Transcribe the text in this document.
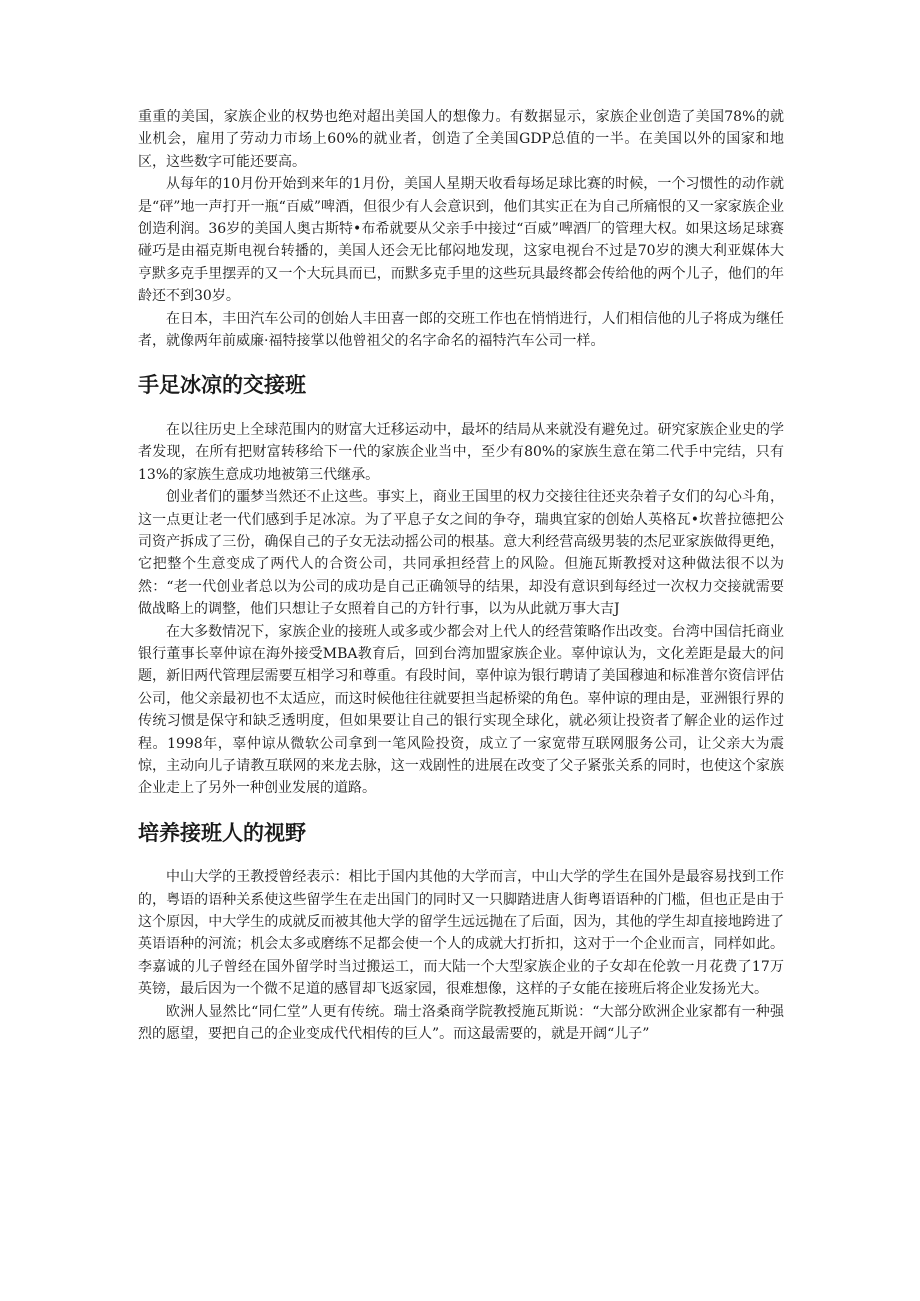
重重的美国，家族企业的权势也绝对超出美国人的想像力。有数据显示，家族企业创造了美国78%的就业机会，雇用了劳动力市场上60%的就业者，创造了全美国GDP总值的一半。在美国以外的国家和地区，这些数字可能还要高。

从每年的10月份开始到来年的1月份，美国人星期天收看每场足球比赛的时候，一个习惯性的动作就是“砰”地一声打开一瓶“百威”啤酒，但很少有人会意识到，他们其实正在为自己所痛恨的又一家家族企业创造利润。36岁的美国人奥古斯特•布希就要从父亲手中接过“百威”啤酒厂的管理大权。如果这场足球赛碰巧是由福克斯电视台转播的，美国人还会无比郁闷地发现，这家电视台不过是70岁的澳大利亚媒体大亨默多克手里摆弄的又一个大玩具而已，而默多克手里的这些玩具最终都会传给他的两个儿子，他们的年龄还不到30岁。

在日本，丰田汽车公司的创始人丰田喜一郎的交班工作也在悄悄进行，人们相信他的儿子将成为继任者，就像两年前威廉·福特接掌以他曾祖父的名字命名的福特汽车公司一样。

手足冰凉的交接班

在以往历史上全球范围内的财富大迁移运动中，最坏的结局从来就没有避免过。研究家族企业史的学者发现，在所有把财富转移给下一代的家族企业当中，至少有80%的家族生意在第二代手中完结，只有13%的家族生意成功地被第三代继承。

创业者们的噩梦当然还不止这些。事实上，商业王国里的权力交接往往还夹杂着子女们的勾心斗角，这一点更让老一代们感到手足冰凉。为了平息子女之间的争夺，瑞典宜家的创始人英格瓦•坎普拉德把公司资产拆成了三份，确保自己的子女无法动摇公司的根基。意大利经营高级男装的杰尼亚家族做得更绝，它把整个生意变成了两代人的合资公司，共同承担经营上的风险。但施瓦斯教授对这种做法很不以为然：“老一代创业者总以为公司的成功是自己正确领导的结果，却没有意识到每经过一次权力交接就需要做战略上的调整，他们只想让子女照着自己的方针行事，以为从此就万事大吉J

在大多数情况下，家族企业的接班人或多或少都会对上代人的经营策略作出改变。台湾中国信托商业银行董事长辜仲谅在海外接受MBA教育后，回到台湾加盟家族企业。辜仲谅认为，文化差距是最大的问题，新旧两代管理层需要互相学习和尊重。有段时间，辜仲谅为银行聘请了美国穆迪和标准普尔资信评估公司，他父亲最初也不太适应，而这时候他往往就要担当起桥梁的角色。辜仲谅的理由是，亚洲银行界的传统习惯是保守和缺乏透明度，但如果要让自己的银行实现全球化，就必须让投资者了解企业的运作过程。1998年，辜仲谅从微软公司拿到一笔风险投资，成立了一家宽带互联网服务公司，让父亲大为震惊，主动向儿子请教互联网的来龙去脉，这一戏剧性的进展在改变了父子紧张关系的同时，也使这个家族企业走上了另外一种创业发展的道路。

培养接班人的视野

中山大学的王教授曾经表示：相比于国内其他的大学而言，中山大学的学生在国外是最容易找到工作的，粤语的语种关系使这些留学生在走出国门的同时又一只脚踏进唐人街粤语语种的门槛，但也正是由于这个原因，中大学生的成就反而被其他大学的留学生远远抛在了后面，因为，其他的学生却直接地跨进了英语语种的河流；机会太多或磨练不足都会使一个人的成就大打折扣，这对于一个企业而言，同样如此。李嘉诚的儿子曾经在国外留学时当过搬运工，而大陆一个大型家族企业的子女却在伦敦一月花费了17万英镑，最后因为一个微不足道的感冒却飞返家园，很难想像，这样的子女能在接班后将企业发扬光大。

欧洲人显然比“同仁堂”人更有传统。瑞士洛桑商学院教授施瓦斯说：“大部分欧洲企业家都有一种强烈的愿望，要把自己的企业变成代代相传的巨人”。而这最需要的，就是开阔“儿子”
